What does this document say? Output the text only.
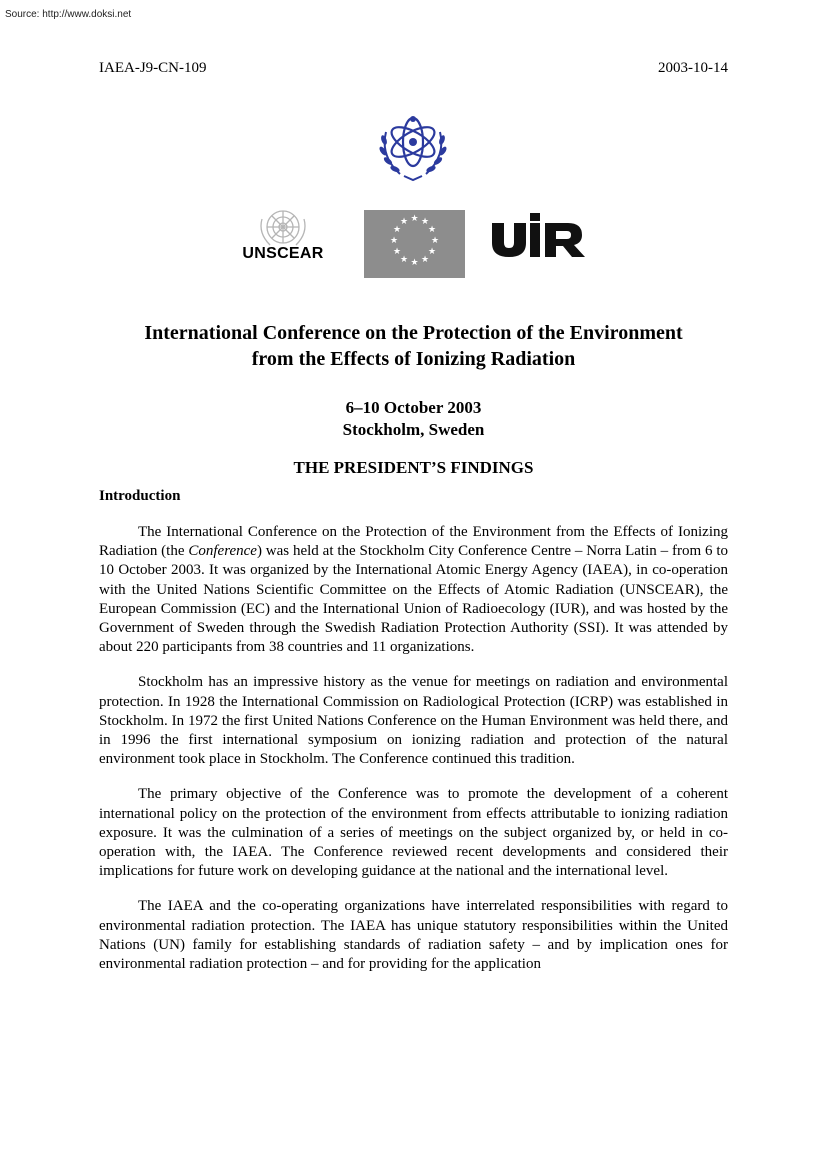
Source: http://www.doksi.net
IAEA-J9-CN-109	2003-10-14
UNSCEAR
★ ★
★
★
★
★
★
★
★
★
★
★
International Conference on the Protection of the Environment
from the Effects of Ionizing Radiation
6–10 October 2003
Stockholm, Sweden
THE PRESIDENT’S FINDINGS
Introduction

The International Conference on the Protection of the Environment from the Effects of Ionizing Radiation (the Conference) was held at the Stockholm City Conference Centre – Norra Latin – from 6 to 10 October 2003. It was organized by the International Atomic Energy Agency (IAEA), in co-operation with the United Nations Scientific Committee on the Effects of Atomic Radiation (UNSCEAR), the European Commission (EC) and the International Union of Radioecology (IUR), and was hosted by the Government of Sweden through the Swedish Radiation Protection Authority (SSI). It was attended by about 220 participants from 38 countries and 11 organizations.

Stockholm has an impressive history as the venue for meetings on radiation and environmental protection. In 1928 the International Commission on Radiological Protection (ICRP) was established in Stockholm. In 1972 the first United Nations Conference on the Human Environment was held there, and in 1996 the first international symposium on ionizing radiation and protection of the natural environment took place in Stockholm. The Conference continued this tradition.

The primary objective of the Conference was to promote the development of a coherent international policy on the protection of the environment from effects attributable to ionizing radiation exposure. It was the culmination of a series of meetings on the subject organized by, or held in co-operation with, the IAEA. The Conference reviewed recent developments and considered their implications for future work on developing guidance at the national and the international level.

The IAEA and the co-operating organizations have interrelated responsibilities with regard to environmental radiation protection. The IAEA has unique statutory responsibilities within the United Nations (UN) family for establishing standards of radiation safety – and by implication ones for environmental radiation protection – and for providing for the application
